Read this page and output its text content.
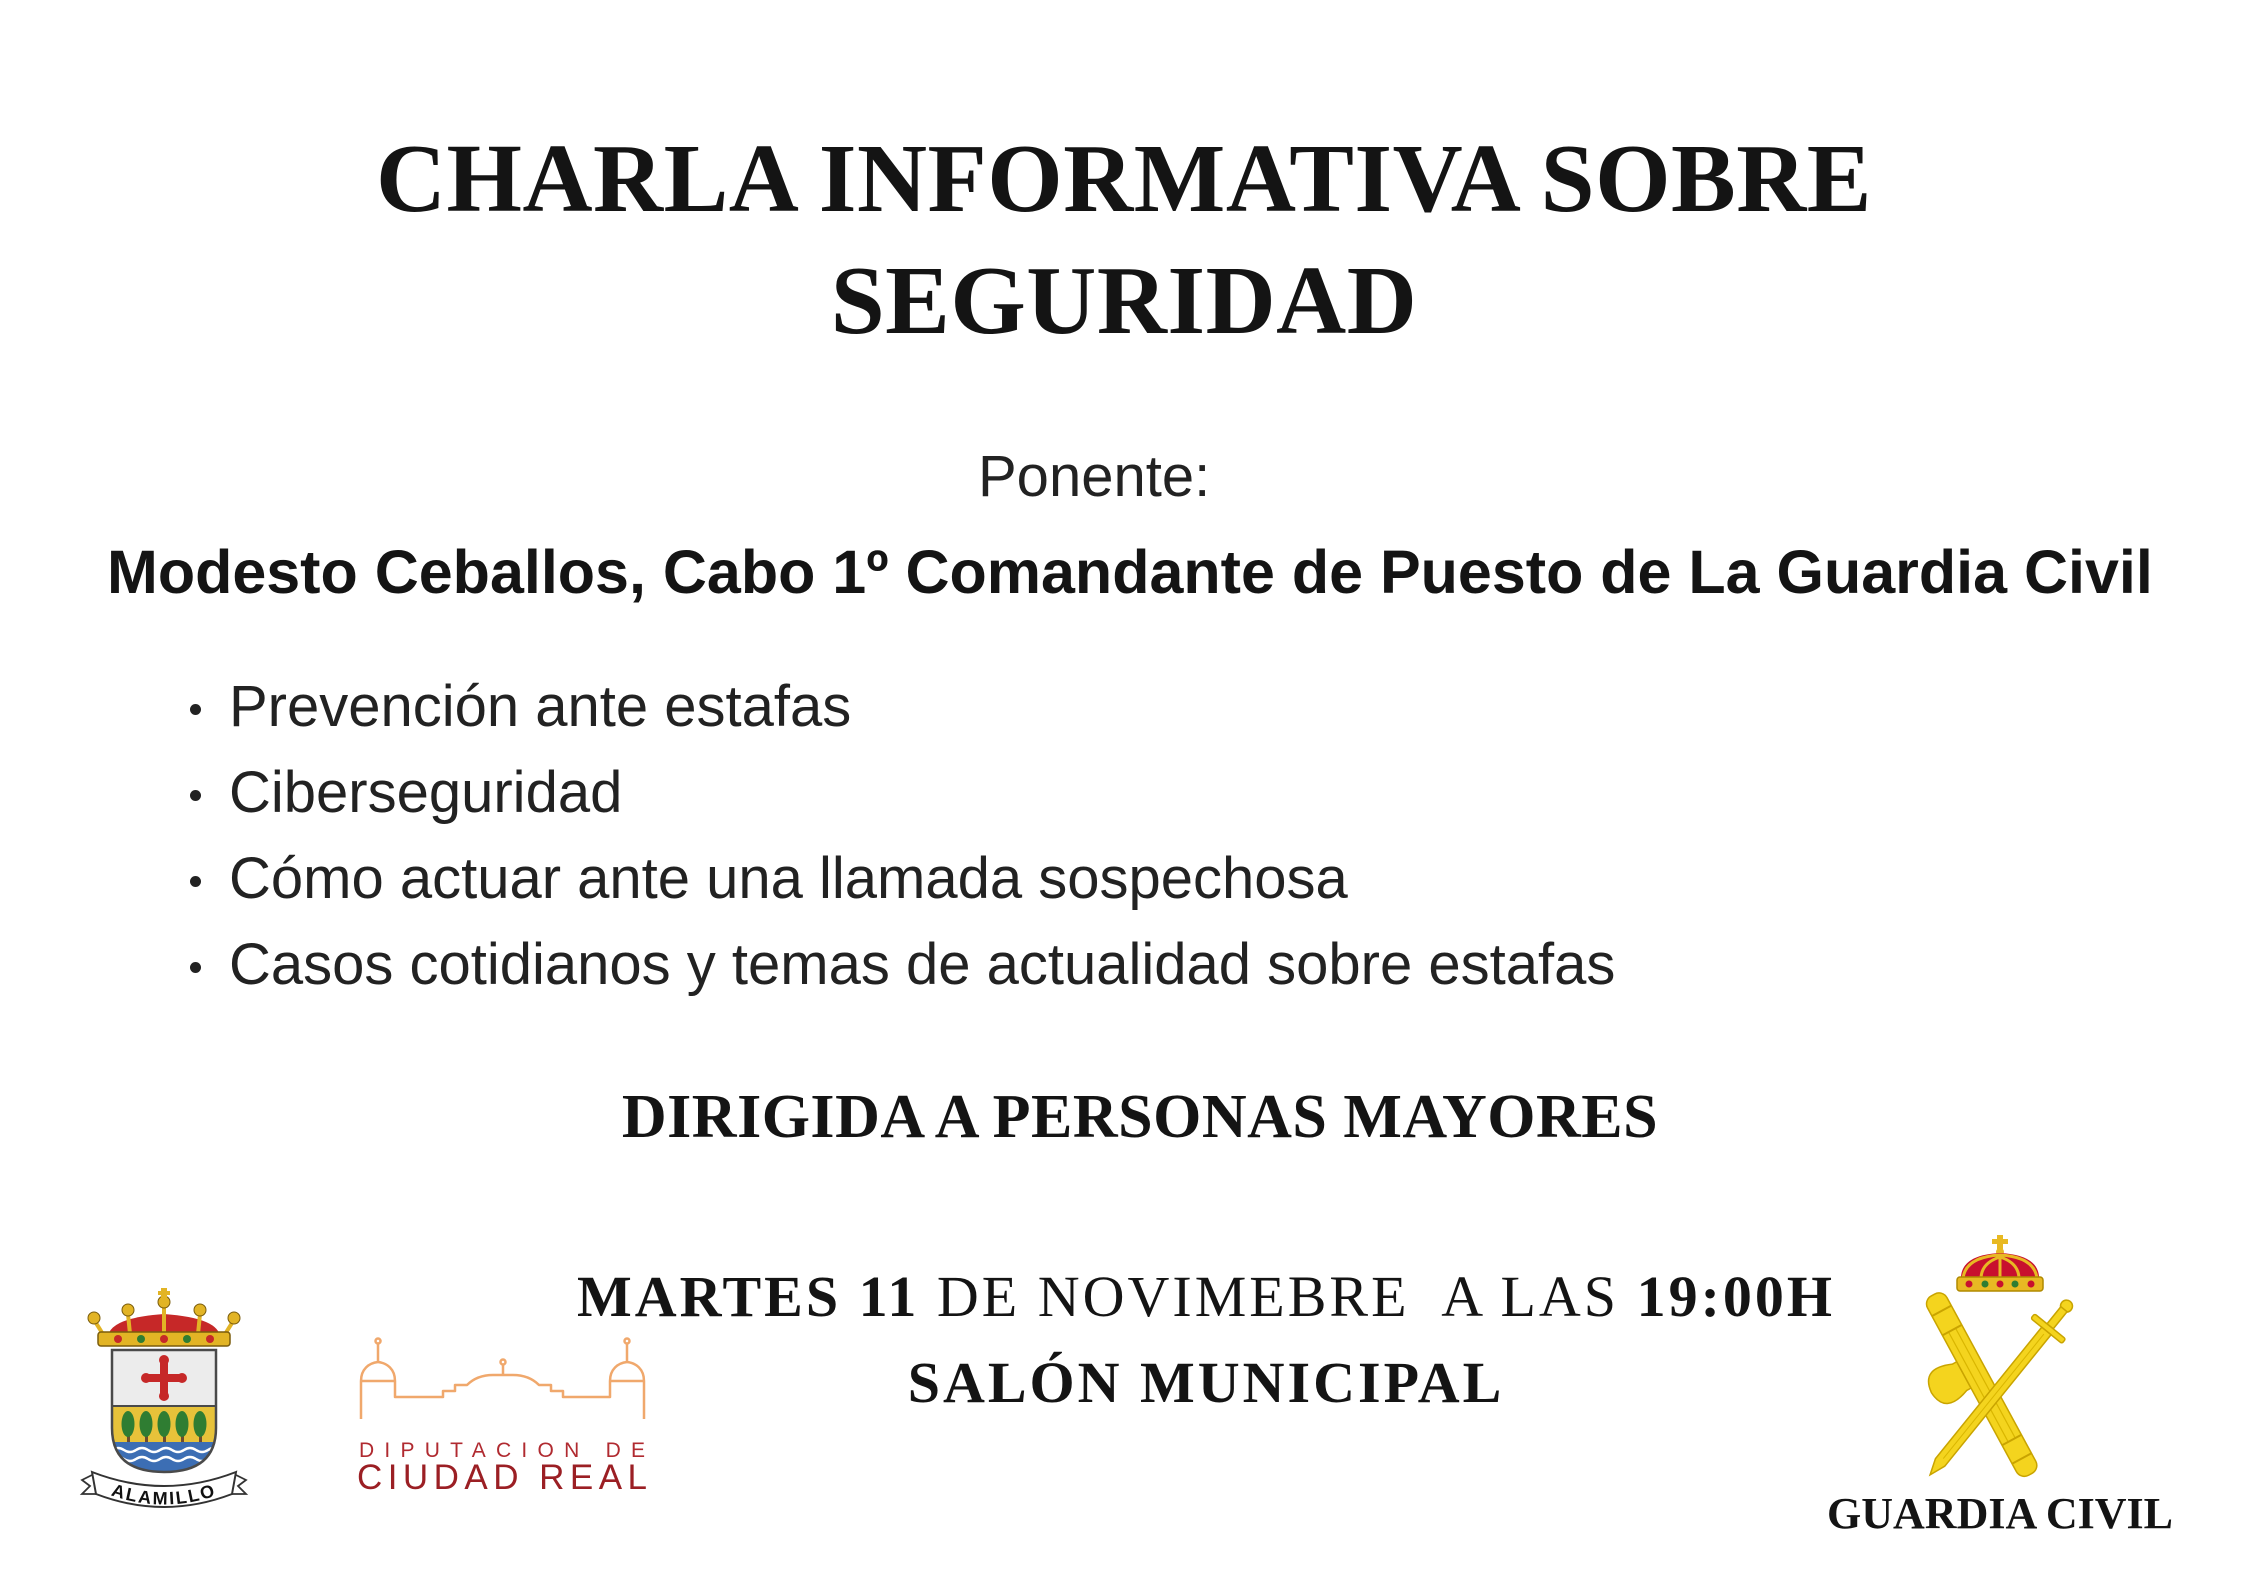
CHARLA INFORMATIVA SOBRE SEGURIDAD
Ponente:
Modesto Ceballos, Cabo 1º Comandante de Puesto de La Guardia Civil
Prevención ante estafas
Ciberseguridad
Cómo actuar ante una llamada sospechosa
Casos cotidianos y temas de actualidad sobre estafas
DIRIGIDA A PERSONAS MAYORES
MARTES 11 DE NOVIMEBRE  A LAS 19:00H
SALÓN MUNICIPAL
ALAMILLO
DIPUTACION DE
CIUDAD REAL
GUARDIA CIVIL
